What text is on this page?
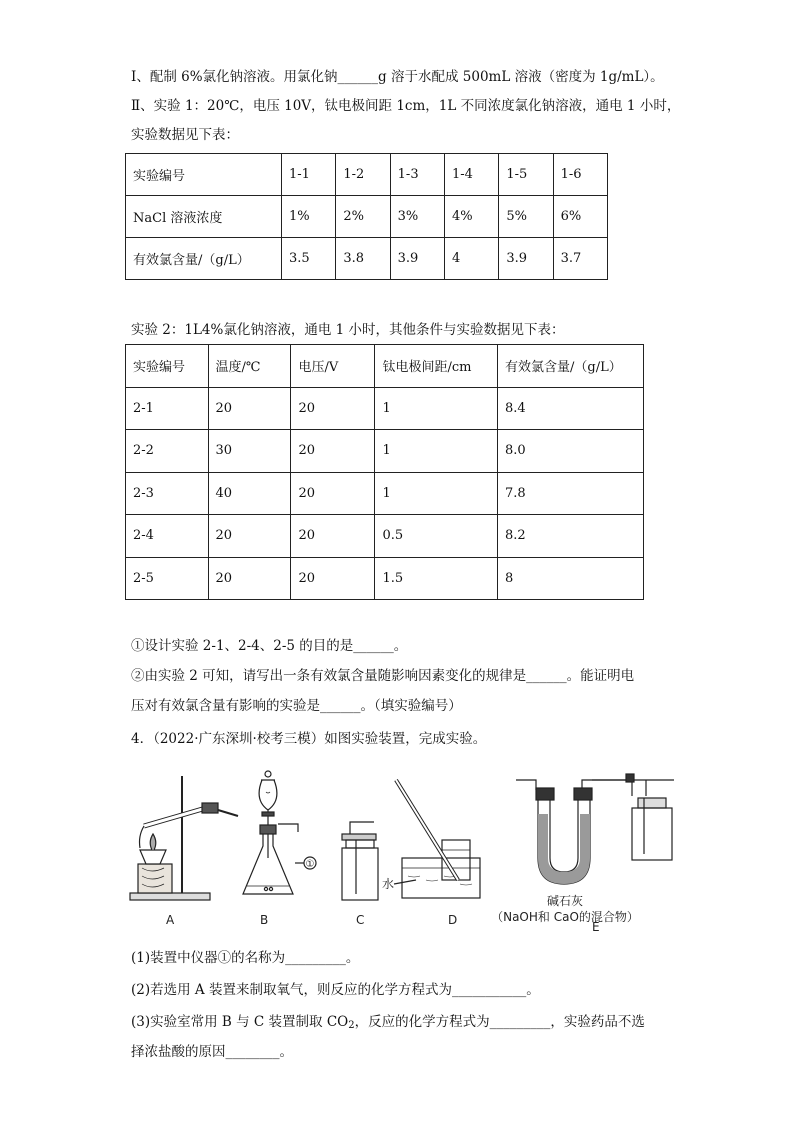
Ⅰ、配制 6%氯化钠溶液。用氯化钠______g 溶于水配成 500mL 溶液（密度为 1g/mL）。
Ⅱ、实验 1：20℃，电压 10V，钛电极间距 1cm，1L 不同浓度氯化钠溶液，通电 1 小时，
实验数据见下表：
实验编号	1-1	1-2	1-3	1-4	1-5	1-6
NaCl 溶液浓度	1%	2%	3%	4%	5%	6%
有效氯含量/（g/L）	3.5	3.8	3.9	4	3.9	3.7
实验 2：1L4%氯化钠溶液，通电 1 小时，其他条件与实验数据见下表：
实验编号	温度/℃	电压/V	钛电极间距/cm	有效氯含量/（g/L）
2-1	20	20	1	8.4
2-2	30	20	1	8.0
2-3	40	20	1	7.8
2-4	20	20	0.5	8.2
2-5	20	20	1.5	8
①设计实验 2-1、2-4、2-5 的目的是______。
②由实验 2 可知，请写出一条有效氯含量随影响因素变化的规律是______。能证明电
压对有效氯含量有影响的实验是______。（填实验编号）
4．（2022·广东深圳·校考三模）如图实验装置，完成实验。
A
①
B	C
水
D
碱石灰
（NaOH和 CaO的混合物）
E
(1)装置中仪器①的名称为_________。
(2)若选用 A 装置来制取氧气，则反应的化学方程式为___________。
(3)实验室常用 B 与 C 装置制取 $CO_2$，反应的化学方程式为_________，实验药品不选
择浓盐酸的原因________。
